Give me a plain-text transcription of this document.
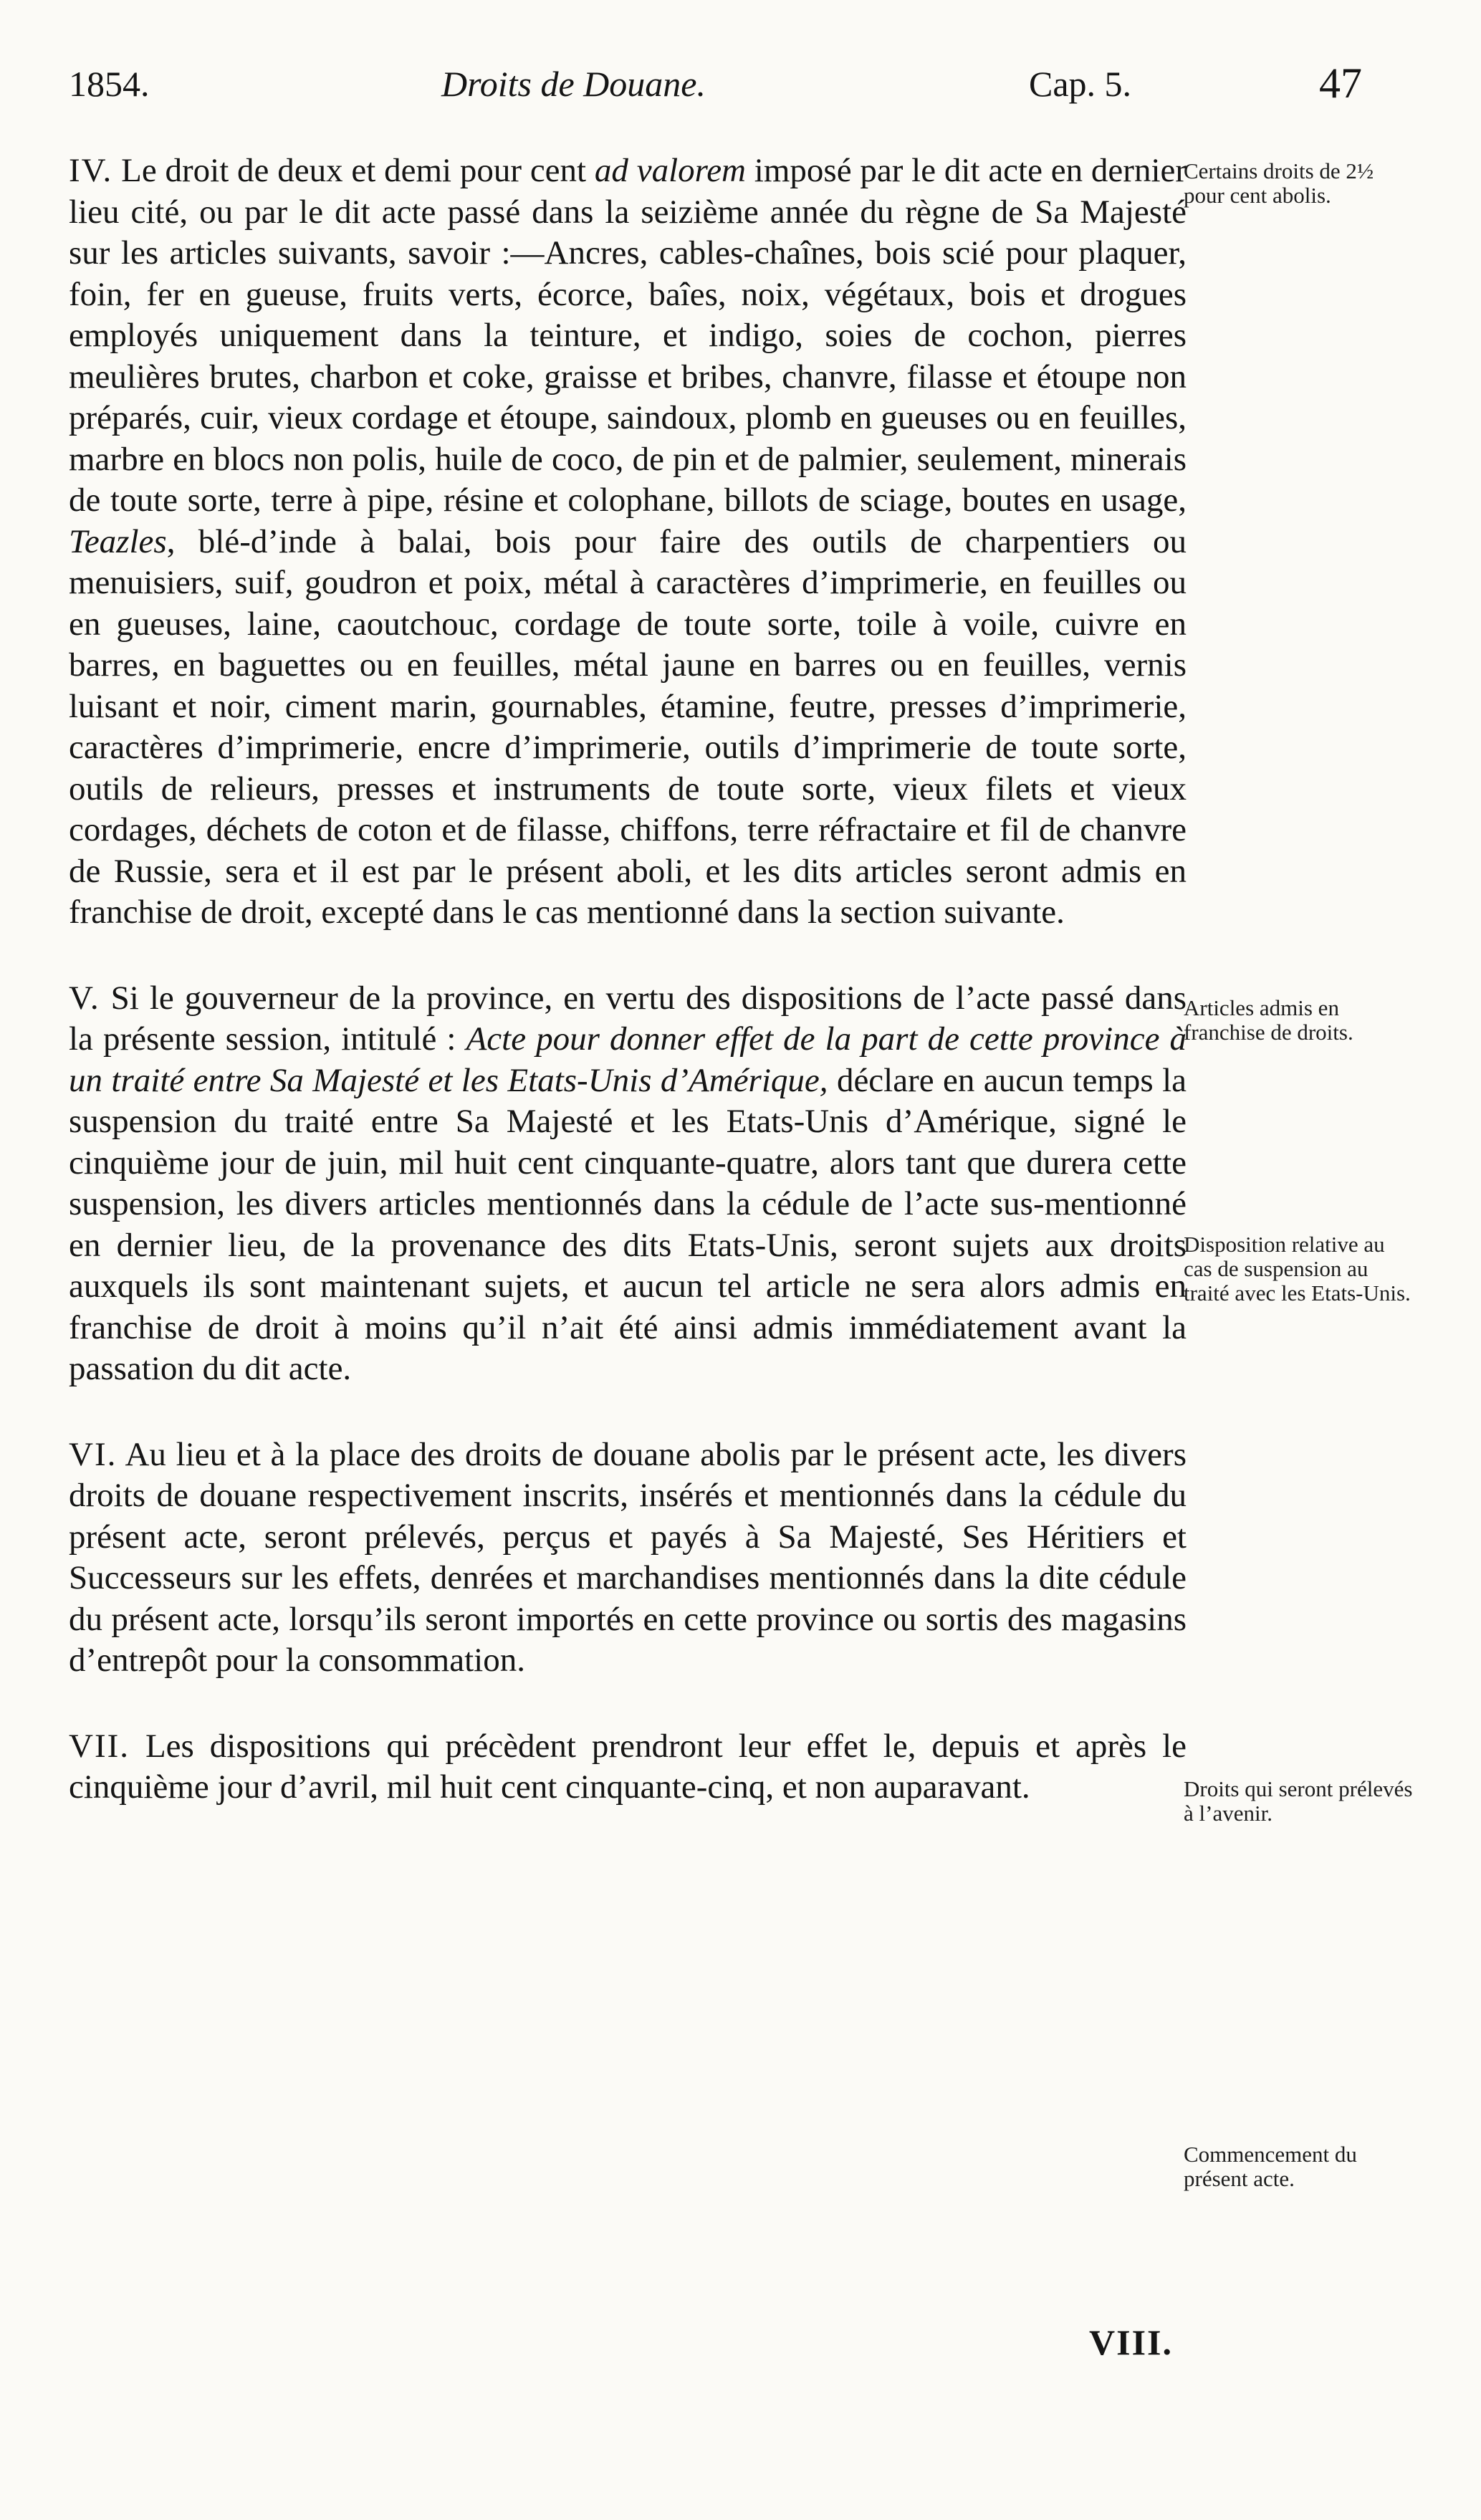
1854.	Droits de Douane.	Cap. 5.	47

IV. Le droit de deux et demi pour cent ad valorem imposé par le dit acte en dernier lieu cité, ou par le dit acte passé dans la seizième année du règne de Sa Majesté sur les articles suivants, savoir :—Ancres, cables-chaînes, bois scié pour plaquer, foin, fer en gueuse, fruits verts, écorce, baîes, noix, végétaux, bois et drogues employés uniquement dans la teinture, et indigo, soies de cochon, pierres meulières brutes, charbon et coke, graisse et bribes, chanvre, filasse et étoupe non préparés, cuir, vieux cordage et étoupe, saindoux, plomb en gueuses ou en feuilles, marbre en blocs non polis, huile de coco, de pin et de palmier, seulement, minerais de toute sorte, terre à pipe, résine et colophane, billots de sciage, boutes en usage, Teazles, blé-d’inde à balai, bois pour faire des outils de charpentiers ou menuisiers, suif, goudron et poix, métal à caractères d’imprimerie, en feuilles ou en gueuses, laine, caoutchouc, cordage de toute sorte, toile à voile, cuivre en barres, en baguettes ou en feuilles, métal jaune en barres ou en feuilles, vernis luisant et noir, ciment marin, gournables, étamine, feutre, presses d’imprimerie, caractères d’imprimerie, encre d’imprimerie, outils d’imprimerie de toute sorte, outils de relieurs, presses et instruments de toute sorte, vieux filets et vieux cordages, déchets de coton et de filasse, chiffons, terre réfractaire et fil de chanvre de Russie, sera et il est par le présent aboli, et les dits articles seront admis en franchise de droit, excepté dans le cas mentionné dans la section suivante.

V. Si le gouverneur de la province, en vertu des dispositions de l’acte passé dans la présente session, intitulé : Acte pour donner effet de la part de cette province à un traité entre Sa Majesté et les Etats-Unis d’Amérique, déclare en aucun temps la suspension du traité entre Sa Majesté et les Etats-Unis d’Amérique, signé le cinquième jour de juin, mil huit cent cinquante-quatre, alors tant que durera cette suspension, les divers articles mentionnés dans la cédule de l’acte sus-mentionné en dernier lieu, de la provenance des dits Etats-Unis, seront sujets aux droits auxquels ils sont maintenant sujets, et aucun tel article ne sera alors admis en franchise de droit à moins qu’il n’ait été ainsi admis immédiatement avant la passation du dit acte.

VI. Au lieu et à la place des droits de douane abolis par le présent acte, les divers droits de douane respectivement inscrits, insérés et mentionnés dans la cédule du présent acte, seront prélevés, perçus et payés à Sa Majesté, Ses Héritiers et Successeurs sur les effets, denrées et marchandises mentionnés dans la dite cédule du présent acte, lorsqu’ils seront importés en cette province ou sortis des magasins d’entrepôt pour la consommation.

VII. Les dispositions qui précèdent prendront leur effet le, depuis et après le cinquième jour d’avril, mil huit cent cinquante-cinq, et non auparavant.

Certains droits de 2½ pour cent abolis.

Articles admis en franchise de droits.

Disposition relative au cas de suspension au traité avec les Etats-Unis.

Droits qui seront prélevés à l’avenir.

Commencement du présent acte.

VIII.
